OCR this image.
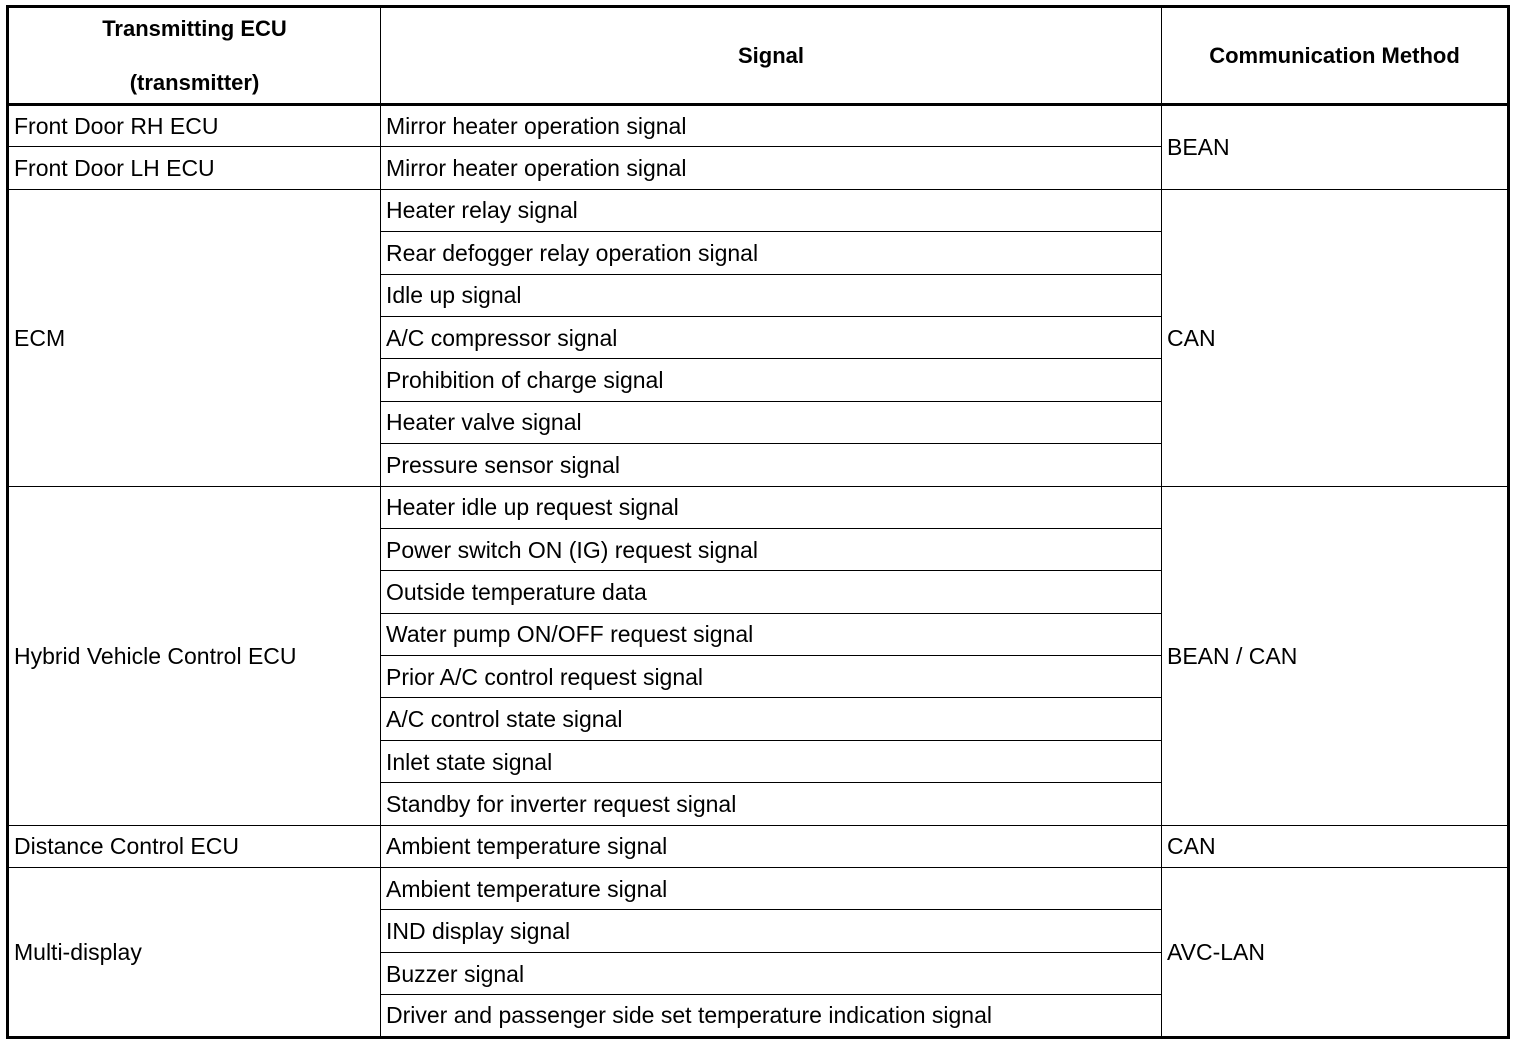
Transmitting ECU
(transmitter)	Signal	Communication Method
Front Door RH ECU	Mirror heater operation signal	BEAN
Front Door LH ECU	Mirror heater operation signal	
ECM	Heater relay signal	CAN
	Rear defogger relay operation signal	
	Idle up signal	
	A/C compressor signal	
	Prohibition of charge signal	
	Heater valve signal	
	Pressure sensor signal	
Hybrid Vehicle Control ECU	Heater idle up request signal	BEAN / CAN
	Power switch ON (IG) request signal	
	Outside temperature data	
	Water pump ON/OFF request signal	
	Prior A/C control request signal	
	A/C control state signal	
	Inlet state signal	
	Standby for inverter request signal	
Distance Control ECU	Ambient temperature signal	CAN
Multi-display	Ambient temperature signal	AVC-LAN
	IND display signal	
	Buzzer signal	
	Driver and passenger side set temperature indication signal	
